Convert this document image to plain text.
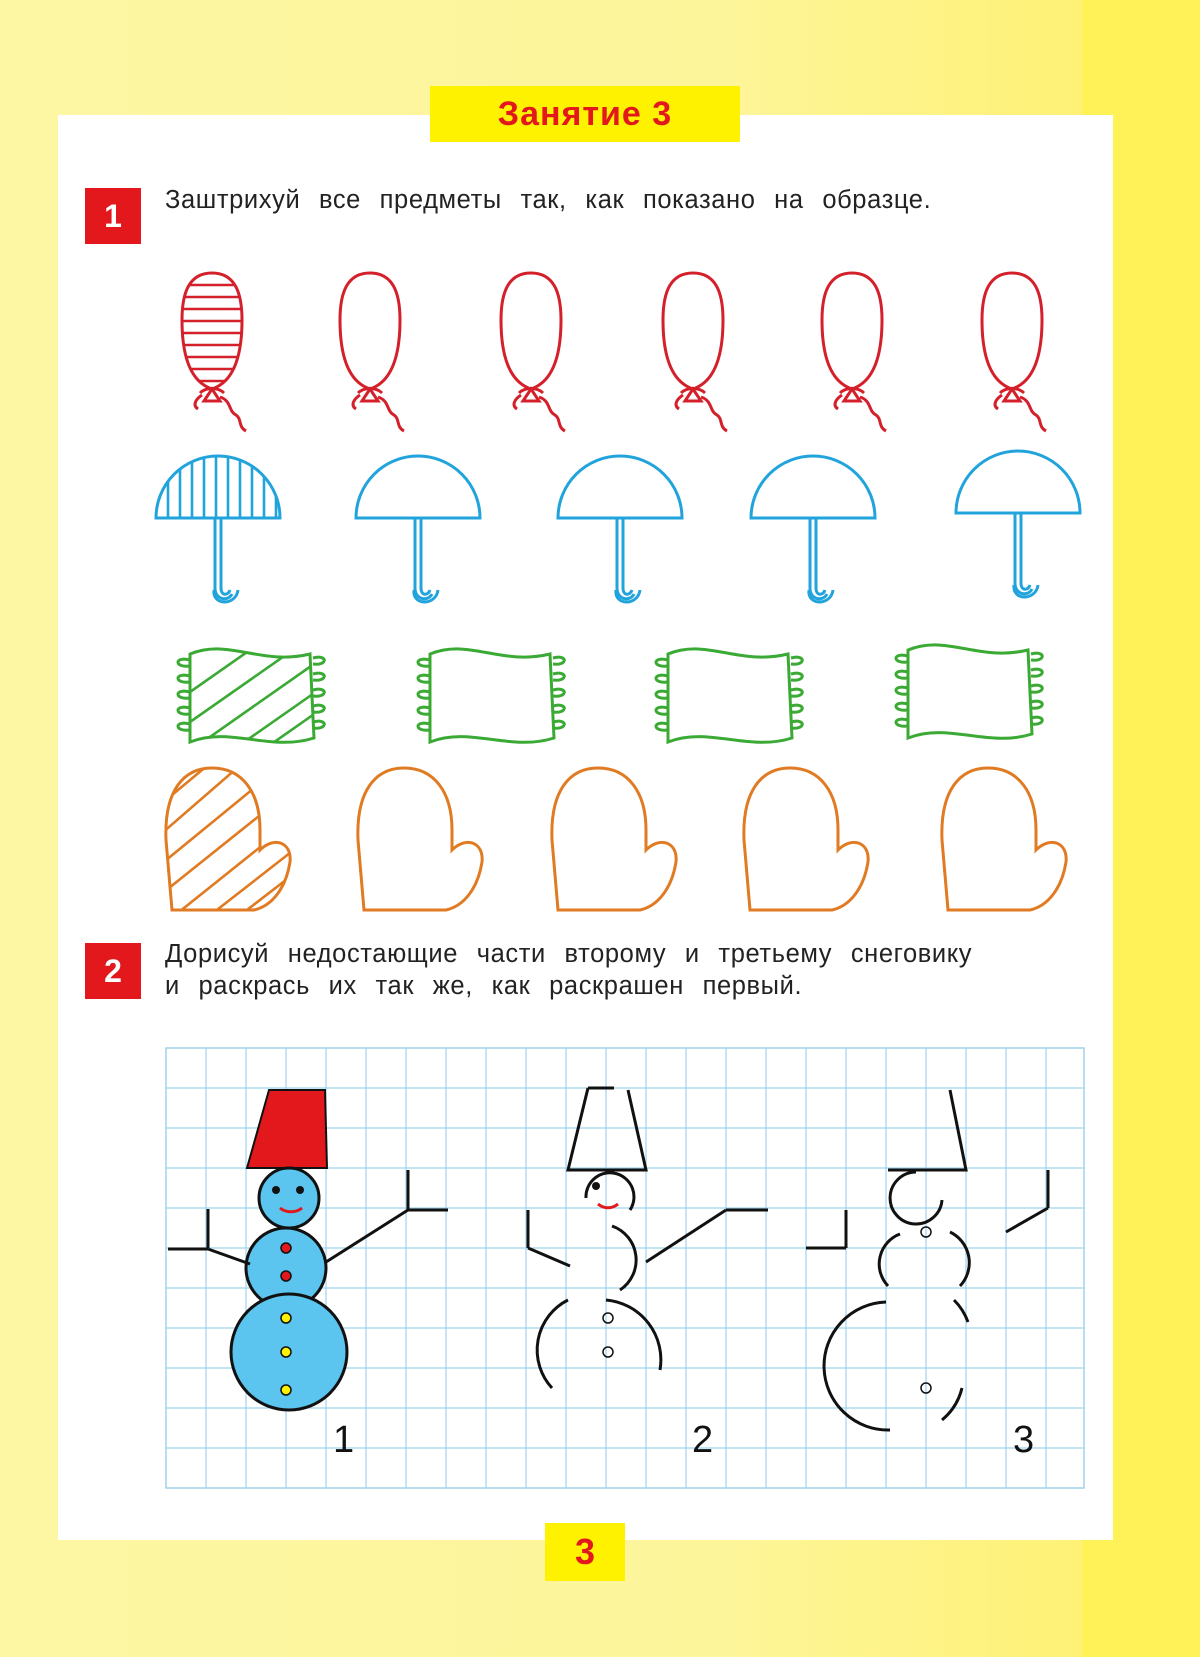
Занятие 3
1	Заштрихуй все предметы так, как показано на образце.
2	Дорисуй недостающие части второму и третьему снеговику
и раскрась их так же, как раскрашен первый.
1	2	3
3
